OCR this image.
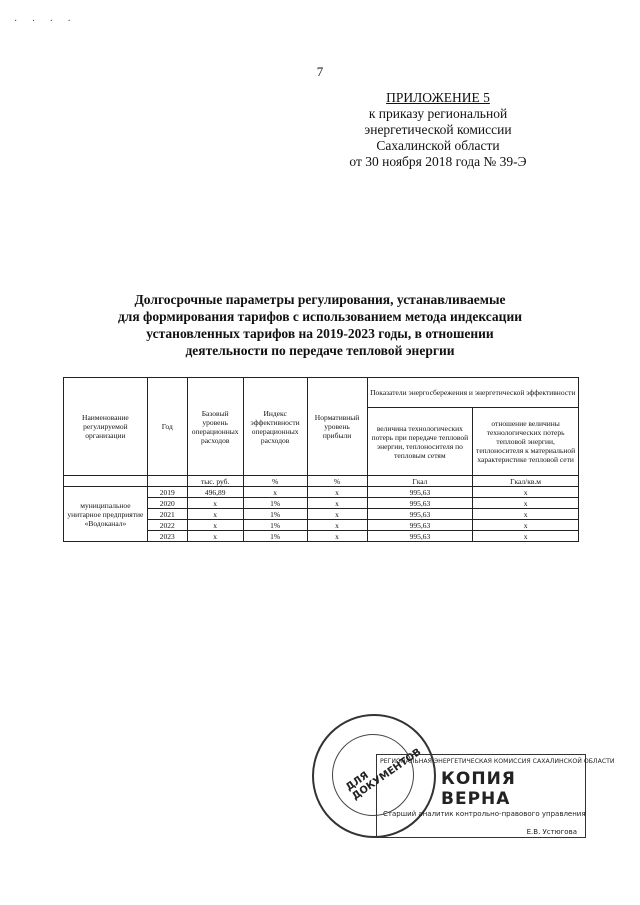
· · · ·
7
ПРИЛОЖЕНИЕ 5
к приказу региональной
энергетической комиссии
Сахалинской области
от 30 ноября 2018 года № 39-Э
Долгосрочные параметры регулирования, устанавливаемые
для формирования тарифов с использованием метода индексации
установленных тарифов на 2019-2023 годы, в отношении
деятельности по передаче тепловой энергии
Наименование регулируемой организации	Год	Базовый уровень операционных расходов	Индекс эффективности операционных расходов	Нормативный уровень прибыли	Показатели энергосбережения и энергетической эффективности	
					величина технологических потерь при передаче тепловой энергии, теплоносителя по тепловым сетям	отношение величины технологических потерь тепловой энергии, теплоносителя к материальной характеристике тепловой сети
		тыс. руб.	%	%	Гкал	Гкал/кв.м
муниципальное унитарное предприятие «Водоканал»	2019	496,89	х	х	995,63	х
	2020	х	1%	х	995,63	х
	2021	х	1%	х	995,63	х
	2022	х	1%	х	995,63	х
	2023	х	1%	х	995,63	х
ДЛЯ ДОКУМЕНТОВ
РЕГИОНАЛЬНАЯ ЭНЕРГЕТИЧЕСКАЯ КОМИССИЯ САХАЛИНСКОЙ ОБЛАСТИ
КОПИЯ ВЕРНА
Старший аналитик контрольно-правового управления
Е.В. Устюгова
